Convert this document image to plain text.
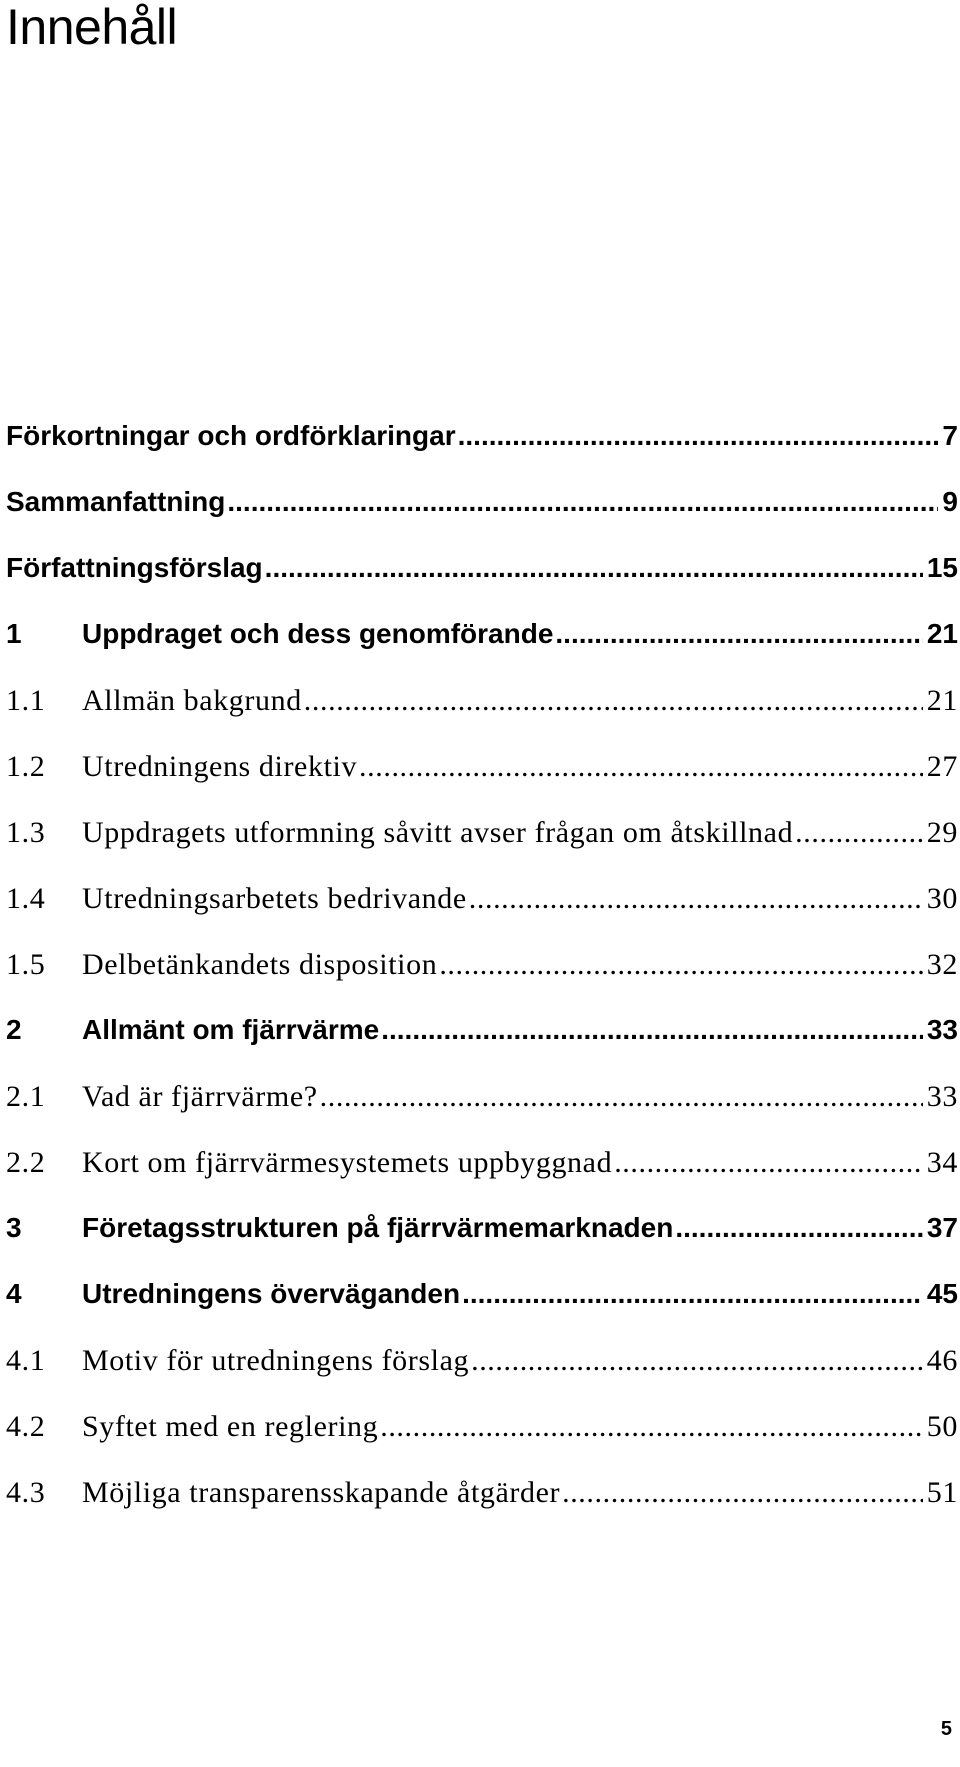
Innehåll
Förkortningar och ordförklaringar .....	7
Sammanfattning .....	9
Författningsförslag .....	15
1	Uppdraget och dess genomförande .....	21
1.1	Allmän bakgrund .....	21
1.2	Utredningens direktiv .....	27
1.3	Uppdragets utformning såvitt avser frågan om åtskillnad .....	29
1.4	Utredningsarbetets bedrivande .....	30
1.5	Delbetänkandets disposition .....	32
2	Allmänt om fjärrvärme .....	33
2.1	Vad är fjärrvärme? .....	33
2.2	Kort om fjärrvärmesystemets uppbyggnad .....	34
3	Företagsstrukturen på fjärrvärmemarknaden .....	37
4	Utredningens överväganden .....	45
4.1	Motiv för utredningens förslag .....	46
4.2	Syftet med en reglering .....	50
4.3	Möjliga transparensskapande åtgärder .....	51
5
